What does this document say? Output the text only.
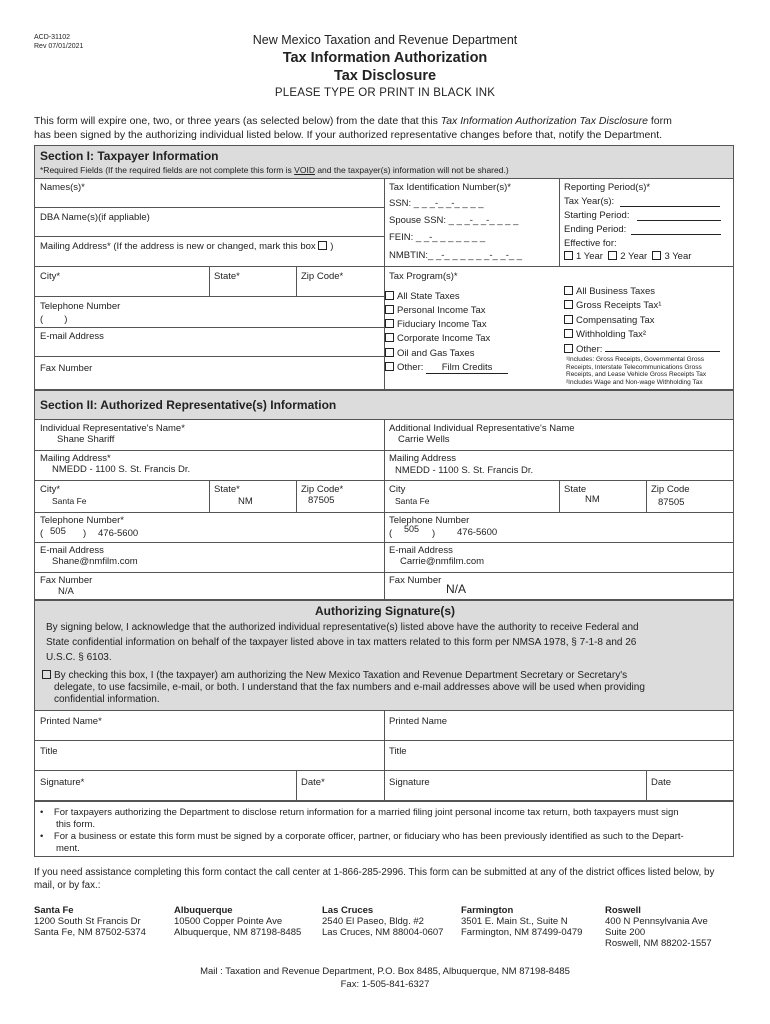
ACD-31102
Rev 07/01/2021	New Mexico Taxation and Revenue Department
Tax Information Authorization
Tax Disclosure
PLEASE TYPE OR PRINT IN BLACK INK
This form will expire one, two, or three years (as selected below) from the date that this Tax Information Authorization Tax Disclosure form
has been signed by the authorizing individual listed below. If your authorized representative changes before that, notify the Department.
Section I: Taxpayer Information
*Required Fields (If the required fields are not complete this form is VOID and the taxpayer(s) information will not be shared.)
Names(s)*
DBA Name(s)(if appliable)
Mailing Address* (If the address is new or changed, mark this box )
City*	State*	Zip Code*
Telephone Number
(        )
E-mail Address
Fax Number
Tax Identification Number(s)*
SSN: _ _ _-_ _-_ _ _ _
Spouse SSN: _ _ _-_ _-_ _ _ _
FEIN: _ _-_ _ _ _ _ _ _
NMBTIN:_ _-_ _ _ _ _ _-_ _-_ _
Reporting Period(s)*
Tax Year(s):
Starting Period:
Ending Period:
Effective for:
1 Year 2 Year 3 Year
Tax Program(s)*
All State Taxes
Personal Income Tax
Fiduciary Income Tax
Corporate Income Tax
Oil and Gas Taxes
Other: Film Credits
All Business Taxes
Gross Receipts Tax¹
Compensating Tax
Withholding Tax²
Other:
¹Includes: Gross Receipts, Governmental Gross
Receipts, Interstate Telecommunications Gross
Receipts, and Lease Vehicle Gross Receipts Tax
²Includes Wage and Non-wage Withholding Tax
Section II: Authorized Representative(s) Information
Individual Representative's Name*
Shane Shariff
Mailing Address*
NMEDD - 1100 S. St. Francis Dr.
City*
Santa Fe
State*
NM
Zip Code*
87505
Telephone Number*
( 505 ) 476-5600
E-mail Address
Shane@nmfilm.com
Fax Number
N/A
Additional Individual Representative's Name
Carrie Wells
Mailing Address
NMEDD - 1100 S. St. Francis Dr.
City
Santa Fe
State
NM
Zip Code
87505
Telephone Number
( 505 ) 476-5600
E-mail Address
Carrie@nmfilm.com
Fax Number
N/A
Authorizing Signature(s)
By signing below, I acknowledge that the authorized individual representative(s) listed above have the authority to receive Federal and
State confidential information on behalf of the taxpayer listed above in tax matters related to this form per NMSA 1978, § 7-1-8 and 26
U.S.C. § 6103.
By checking this box, I (the taxpayer) am authorizing the New Mexico Taxation and Revenue Department Secretary or Secretary's
delegate, to use facsimile, e-mail, or both. I understand that the fax numbers and e-mail addresses above will be used when providing
confidential information.
Printed Name*	Printed Name
Title	Title
Signature*	Date*	Signature	Date
•    For taxpayers authorizing the Department to disclose return information for a married filing joint personal income tax return, both taxpayers must sign
this form.
•    For a business or estate this form must be signed by a corporate officer, partner, or fiduciary who has been previously identified as such to the Depart-
ment.
If you need assistance completing this form contact the call center at 1-866-285-2996. This form can be submitted at any of the district offices listed below, by
mail, or by fax.:
Santa Fe
1200 South St Francis Dr
Santa Fe, NM 87502-5374
Albuquerque
10500 Copper Pointe Ave
Albuquerque, NM 87198-8485
Las Cruces
2540 El Paseo, Bldg. #2
Las Cruces, NM 88004-0607
Farmington
3501 E. Main St., Suite N
Farmington, NM 87499-0479
Roswell
400 N Pennsylvania Ave
Suite 200
Roswell, NM 88202-1557
Mail : Taxation and Revenue Department, P.O. Box 8485, Albuquerque, NM 87198-8485
Fax: 1-505-841-6327
